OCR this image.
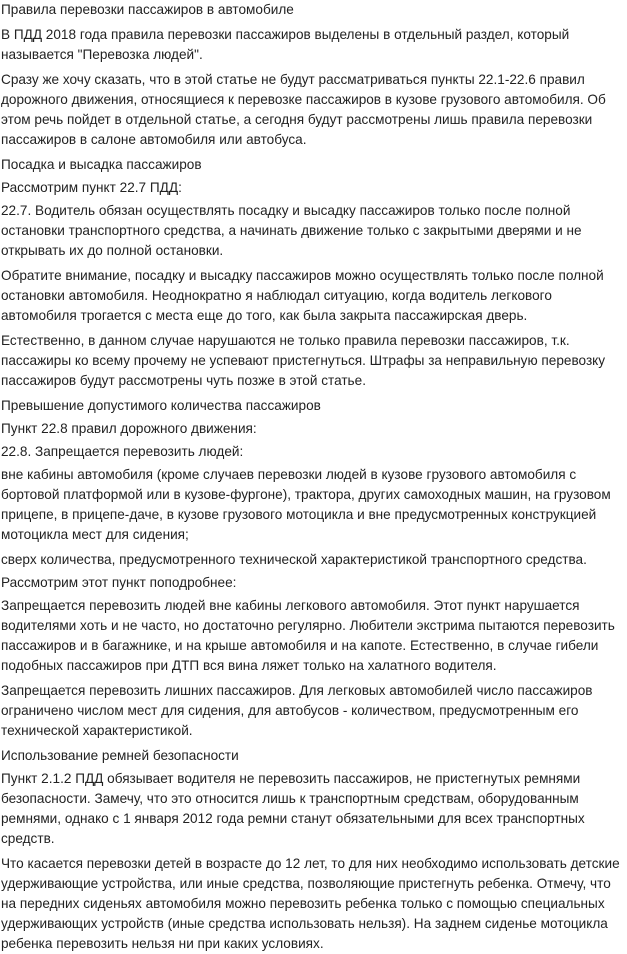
Правила перевозки пассажиров в автомобиле

В ПДД 2018 года правила перевозки пассажиров выделены в отдельный раздел, который называется "Перевозка людей".

Сразу же хочу сказать, что в этой статье не будут рассматриваться пункты 22.1-22.6 правил дорожного движения, относящиеся к перевозке пассажиров в кузове грузового автомобиля. Об этом речь пойдет в отдельной статье, а сегодня будут рассмотрены лишь правила перевозки пассажиров в салоне автомобиля или автобуса.

Посадка и высадка пассажиров

Рассмотрим пункт 22.7 ПДД:

22.7. Водитель обязан осуществлять посадку и высадку пассажиров только после полной остановки транспортного средства, а начинать движение только с закрытыми дверями и не открывать их до полной остановки.

Обратите внимание, посадку и высадку пассажиров можно осуществлять только после полной остановки автомобиля. Неоднократно я наблюдал ситуацию, когда водитель легкового автомобиля трогается с места еще до того, как была закрыта пассажирская дверь.

Естественно, в данном случае нарушаются не только правила перевозки пассажиров, т.к. пассажиры ко всему прочему не успевают пристегнуться. Штрафы за неправильную перевозку пассажиров будут рассмотрены чуть позже в этой статье.

Превышение допустимого количества пассажиров

Пункт 22.8 правил дорожного движения:

22.8. Запрещается перевозить людей:

вне кабины автомобиля (кроме случаев перевозки людей в кузове грузового автомобиля с бортовой платформой или в кузове-фургоне), трактора, других самоходных машин, на грузовом прицепе, в прицепе-даче, в кузове грузового мотоцикла и вне предусмотренных конструкцией мотоцикла мест для сидения;

сверх количества, предусмотренного технической характеристикой транспортного средства.

Рассмотрим этот пункт поподробнее:

Запрещается перевозить людей вне кабины легкового автомобиля. Этот пункт нарушается водителями хоть и не часто, но достаточно регулярно. Любители экстрима пытаются перевозить пассажиров и в багажнике, и на крыше автомобиля и на капоте. Естественно, в случае гибели подобных пассажиров при ДТП вся вина ляжет только на халатного водителя.

Запрещается перевозить лишних пассажиров. Для легковых автомобилей число пассажиров ограничено числом мест для сидения, для автобусов - количеством, предусмотренным его технической характеристикой.

Использование ремней безопасности

Пункт 2.1.2 ПДД обязывает водителя не перевозить пассажиров, не пристегнутых ремнями безопасности. Замечу, что это относится лишь к транспортным средствам, оборудованным ремнями, однако с 1 января 2012 года ремни станут обязательными для всех транспортных средств.

Что касается перевозки детей в возрасте до 12 лет, то для них необходимо использовать детские удерживающие устройства, или иные средства, позволяющие пристегнуть ребенка. Отмечу, что на передних сиденьях автомобиля можно перевозить ребенка только с помощью специальных удерживающих устройств (иные средства использовать нельзя). На заднем сиденье мотоцикла ребенка перевозить нельзя ни при каких условиях.
